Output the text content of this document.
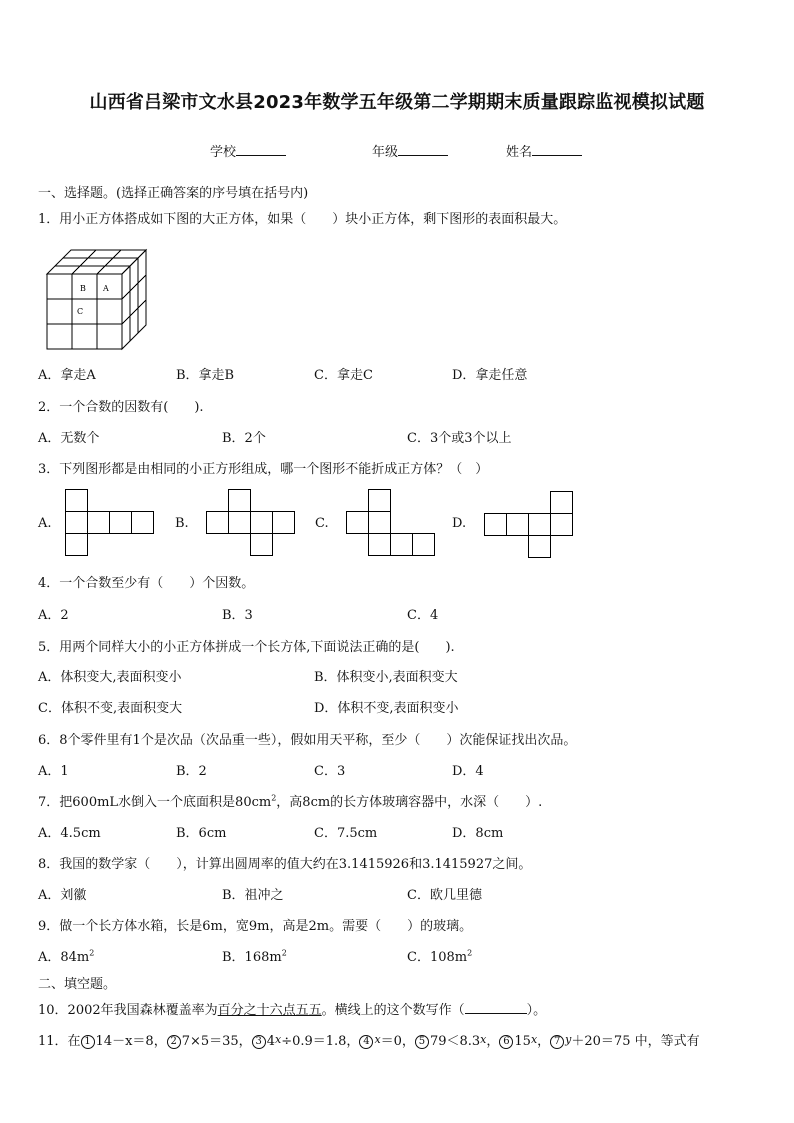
山西省吕梁市文水县2023年数学五年级第二学期期末质量跟踪监视模拟试题
学校	年级	姓名
一、选择题。(选择正确答案的序号填在括号内)
1．用小正方体搭成如下图的大正方体，如果（　　）块小正方体，剩下图形的表面积最大。
B A
C
A．拿走A	B．拿走B	C．拿走C	D．拿走任意
2．一个合数的因数有(　　).
A．无数个	B．2个	C．3个或3个以上
3．下列图形都是由相同的小正方形组成，哪一个图形不能折成正方体？（　）
A.	B.	C.	D.
4．一个合数至少有（　　）个因数。
A．2	B．3	C．4
5．用两个同样大小的小正方体拼成一个长方体,下面说法正确的是(　　).
A．体积变大,表面积变小	B．体积变小,表面积变大
C．体积不变,表面积变大	D．体积不变,表面积变小
6．8个零件里有1个是次品（次品重一些），假如用天平称，至少（　　）次能保证找出次品。
A．1	B．2	C．3	D．4
7．把600mL水倒入一个底面积是$80cm^2$，高8cm的长方体玻璃容器中，水深（　　）.
A．4.5cm	B．6cm	C．7.5cm	D．8cm
8．我国的数学家（　　），计算出圆周率的值大约在3.1415926和3.1415927之间。
A．刘徽	B．祖冲之	C．欧几里德
9．做一个长方体水箱，长是6m，宽9m，高是2m。需要（　　）的玻璃。
A．$84m^2$	B．$168m^2$	C．$108m^2$
二、填空题。
10．2002年我国森林覆盖率为百分之十六点五五。横线上的这个数写作（	）。
11．在 1 14－x＝8， 2 7×5＝35， 3 4x÷0.9＝1.8， 4 x＝0， 5 79＜8.3x， 6 15x， 7 y＋20＝75 中，等式有
